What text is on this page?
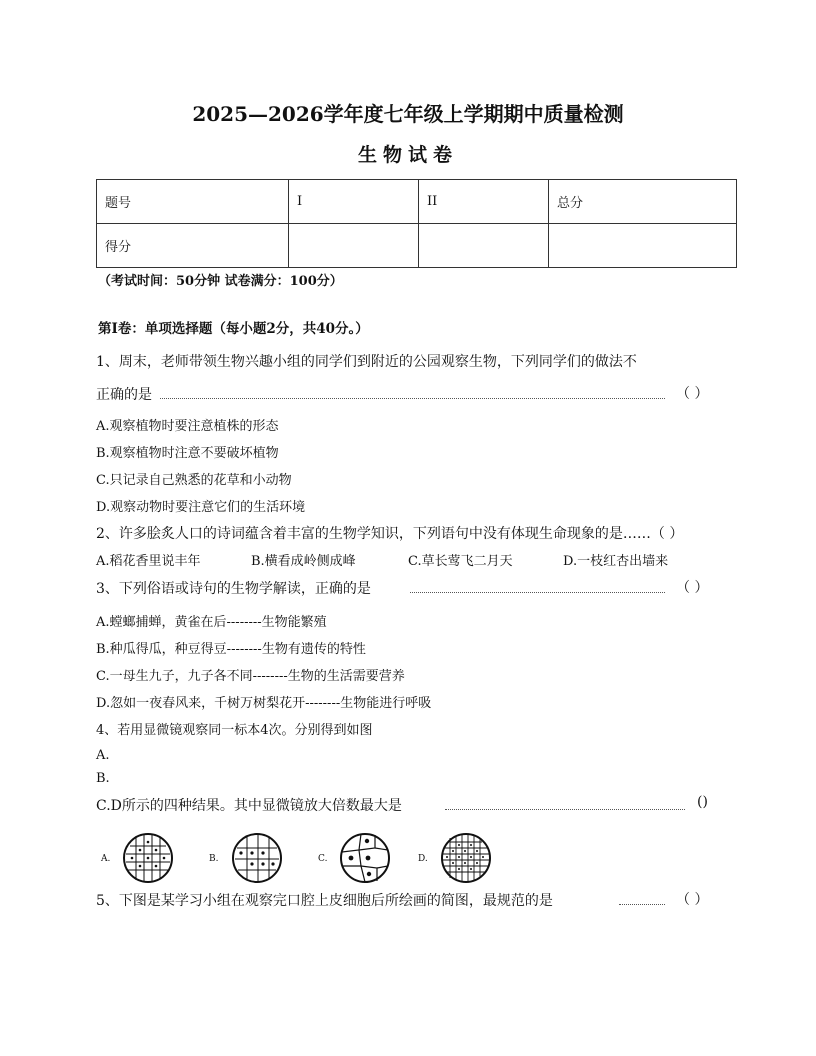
2025—2026学年度七年级上学期期中质量检测
生物试卷
题号	I	II	总分
得分			
（考试时间：50分钟 试卷满分：100分）
第Ⅰ卷：单项选择题（每小题2分，共40分。）
1、周末，老师带领生物兴趣小组的同学们到附近的公园观察生物，下列同学们的做法不
正确的是	（ ）
A.观察植物时要注意植株的形态
B.观察植物时注意不要破坏植物
C.只记录自己熟悉的花草和小动物
D.观察动物时要注意它们的生活环境
2、许多脍炙人口的诗词蕴含着丰富的生物学知识，下列语句中没有体现生命现象的是……（ ）
A.稻花香里说丰年	B.横看成岭侧成峰	C.草长莺飞二月天	D.一枝红杏出墙来
3、下列俗语或诗句的生物学解读，正确的是	（ ）
A.螳螂捕蝉，黄雀在后--------生物能繁殖
B.种瓜得瓜，种豆得豆--------生物有遗传的特性
C.一母生九子，九子各不同--------生物的生活需要营养
D.忽如一夜春风来，千树万树梨花开--------生物能进行呼吸
4、若用显微镜观察同一标本4次。分别得到如图
A.
B.
C.D所示的四种结果。其中显微镜放大倍数最大是	()
A.	B.	C.	D.
5、下图是某学习小组在观察完口腔上皮细胞后所绘画的简图，最规范的是	（ ）
